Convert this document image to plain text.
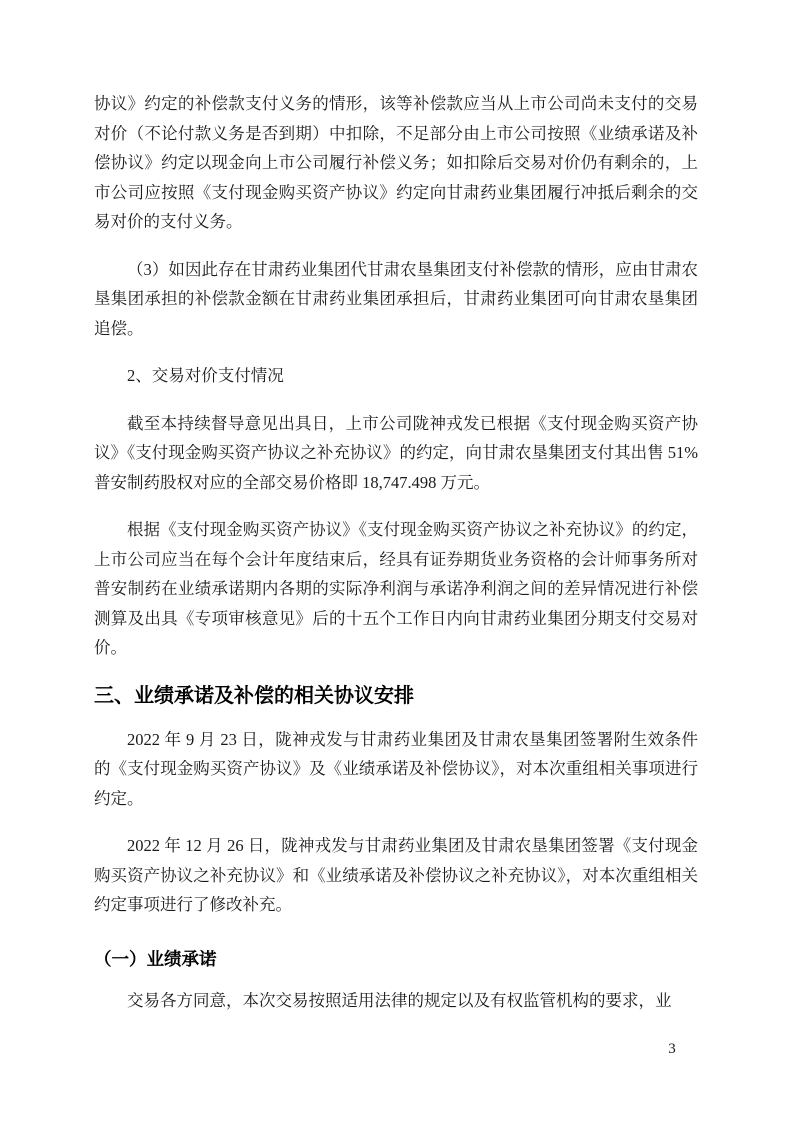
协议》约定的补偿款支付义务的情形，该等补偿款应当从上市公司尚未支付的交易对价（不论付款义务是否到期）中扣除，不足部分由上市公司按照《业绩承诺及补偿协议》约定以现金向上市公司履行补偿义务；如扣除后交易对价仍有剩余的，上市公司应按照《支付现金购买资产协议》约定向甘肃药业集团履行冲抵后剩余的交易对价的支付义务。

（3）如因此存在甘肃药业集团代甘肃农垦集团支付补偿款的情形，应由甘肃农垦集团承担的补偿款金额在甘肃药业集团承担后，甘肃药业集团可向甘肃农垦集团追偿。

2、交易对价支付情况

截至本持续督导意见出具日，上市公司陇神戎发已根据《支付现金购买资产协议》《支付现金购买资产协议之补充协议》的约定，向甘肃农垦集团支付其出售 51%普安制药股权对应的全部交易价格即 18,747.498 万元。

根据《支付现金购买资产协议》《支付现金购买资产协议之补充协议》的约定，上市公司应当在每个会计年度结束后，经具有证券期货业务资格的会计师事务所对普安制药在业绩承诺期内各期的实际净利润与承诺净利润之间的差异情况进行补偿测算及出具《专项审核意见》后的十五个工作日内向甘肃药业集团分期支付交易对价。

三、业绩承诺及补偿的相关协议安排

2022 年 9 月 23 日，陇神戎发与甘肃药业集团及甘肃农垦集团签署附生效条件的《支付现金购买资产协议》及《业绩承诺及补偿协议》，对本次重组相关事项进行约定。

2022 年 12 月 26 日，陇神戎发与甘肃药业集团及甘肃农垦集团签署《支付现金购买资产协议之补充协议》和《业绩承诺及补偿协议之补充协议》，对本次重组相关约定事项进行了修改补充。

（一）业绩承诺

交易各方同意，本次交易按照适用法律的规定以及有权监管机构的要求，业

3
